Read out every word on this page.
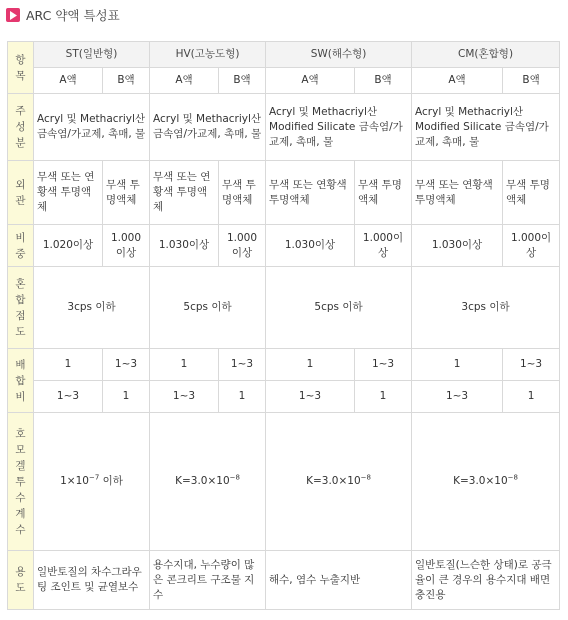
ARC 약액 특성표
항목	ST(일반형)		HV(고농도형)		SW(해수형)		CM(혼합형)	
	A액	B액	A액	B액	A액	B액	A액	B액
주성분	Acryl 및 Methacriyl산 금속염/가교제, 촉매, 물		Acryl 및 Methacriyl산 금속염/가교제, 촉매, 물		Acryl 및 Methacriyl산 Modified Silicate 금속염/가교제, 촉매, 물		Acryl 및 Methacriyl산 Modified Silicate 금속염/가교제, 촉매, 물	
외관	무색 또는 연황색 투명액체	무색 투명액체	무색 또는 연황색 투명액체	무색 투명액체	무색 또는 연황색 투명액체	무색 투명액체	무색 또는 연황색 투명액체	무색 투명액체
비중	1.020이상	1.000이상	1.030이상	1.000이상	1.030이상	1.000이상	1.030이상	1.000이상
혼합점도	3cps 이하		5cps 이하		5cps 이하		3cps 이하	
배합비	1	1~3	1	1~3	1	1~3	1	1~3
	1~3	1	1~3	1	1~3	1	1~3	1
호모겔투수계수	$1\times 10^{-7}$ 이하		$K=3.0\times 10^{-8}$		$K=3.0\times 10^{-8}$		$K=3.0\times 10^{-8}$
용도	일반토질의 차수그라우팅 조인트 및 균열보수		용수지대, 누수량이 많은 콘크리트 구조물 지수		해수, 염수 누출지반		일반토질(느슨한 상태)로 공극율이 큰 경우의 용수지대 배면 충진용	
